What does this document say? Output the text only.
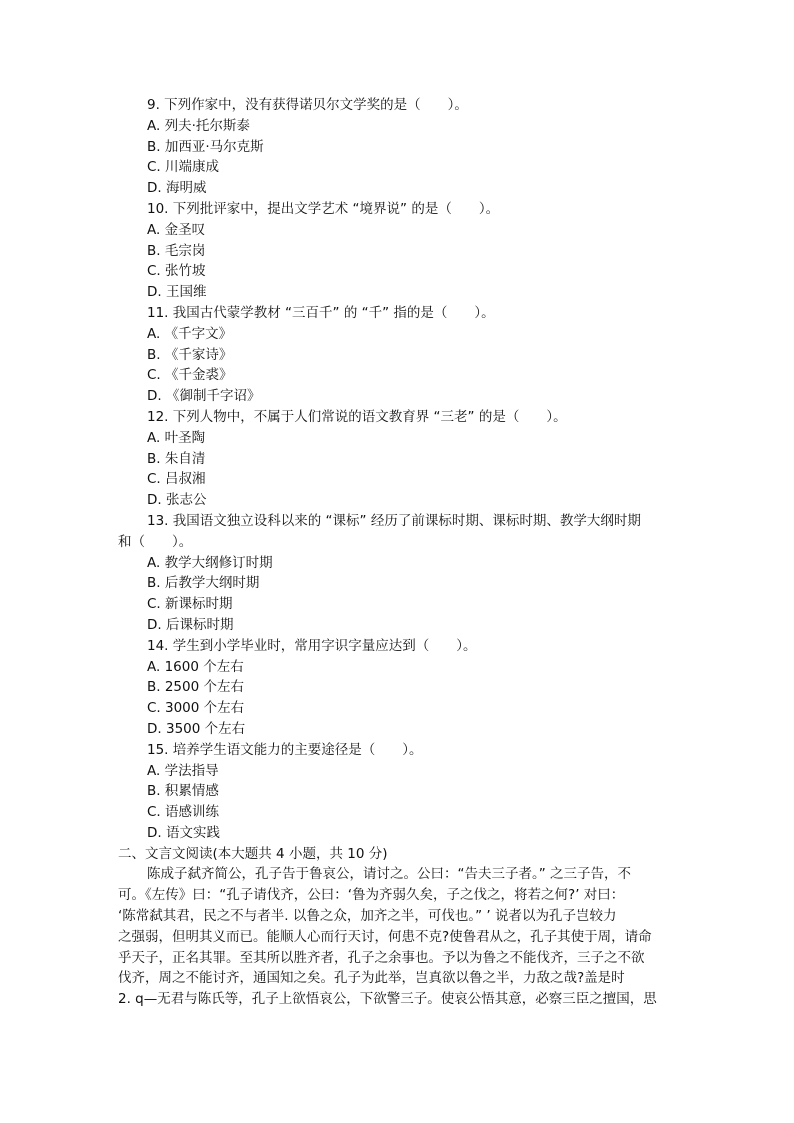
9. 下列作家中，没有获得诺贝尔文学奖的是（　　）。
A. 列夫·托尔斯泰
B. 加西亚·马尔克斯
C. 川端康成
D. 海明威
10. 下列批评家中，提出文学艺术 “境界说” 的是（　　）。
A. 金圣叹
B. 毛宗岗
C. 张竹坡
D. 王国维
11. 我国古代蒙学教材 “三百千” 的 “千” 指的是（　　）。
A. 《千字文》
B. 《千家诗》
C. 《千金裘》
D. 《御制千字诏》
12. 下列人物中，不属于人们常说的语文教育界 “三老” 的是（　　）。
A. 叶圣陶
B. 朱自清
C. 吕叔湘
D. 张志公
13. 我国语文独立设科以来的 “课标” 经历了前课标时期、课标时期、教学大纲时期
和（　　）。
A. 教学大纲修订时期
B. 后教学大纲时期
C. 新课标时期
D. 后课标时期
14. 学生到小学毕业时，常用字识字量应达到（　　）。
A. 1600 个左右
B. 2500 个左右
C. 3000 个左右
D. 3500 个左右
15. 培养学生语文能力的主要途径是（　　）。
A. 学法指导
B. 积累情感
C. 语感训练
D. 语文实践
二、文言文阅读(本大题共 4 小题，共 10 分)
陈成子弑齐简公，孔子告于鲁哀公，请讨之。公曰：“告夫三子者。” 之三子告，不
可。《左传》曰：“孔子请伐齐，公曰：‘鲁为齐弱久矣，子之伐之，将若之何?’ 对曰：
‘陈常弑其君，民之不与者半. 以鲁之众，加齐之半，可伐也。” ’ 说者以为孔子岂较力
之强弱，但明其义而已。能顺人心而行天讨，何患不克?使鲁君从之，孔子其使于周，请命
乎天子，正名其罪。至其所以胜齐者，孔子之余事也。予以为鲁之不能伐齐，三子之不欲
伐齐，周之不能讨齐，通国知之矣。孔子为此举，岂真欲以鲁之半，力敌之哉?盖是时
2. q—无君与陈氏等，孔子上欲悟哀公，下欲警三子。使哀公悟其意，必察三臣之擅国，思
